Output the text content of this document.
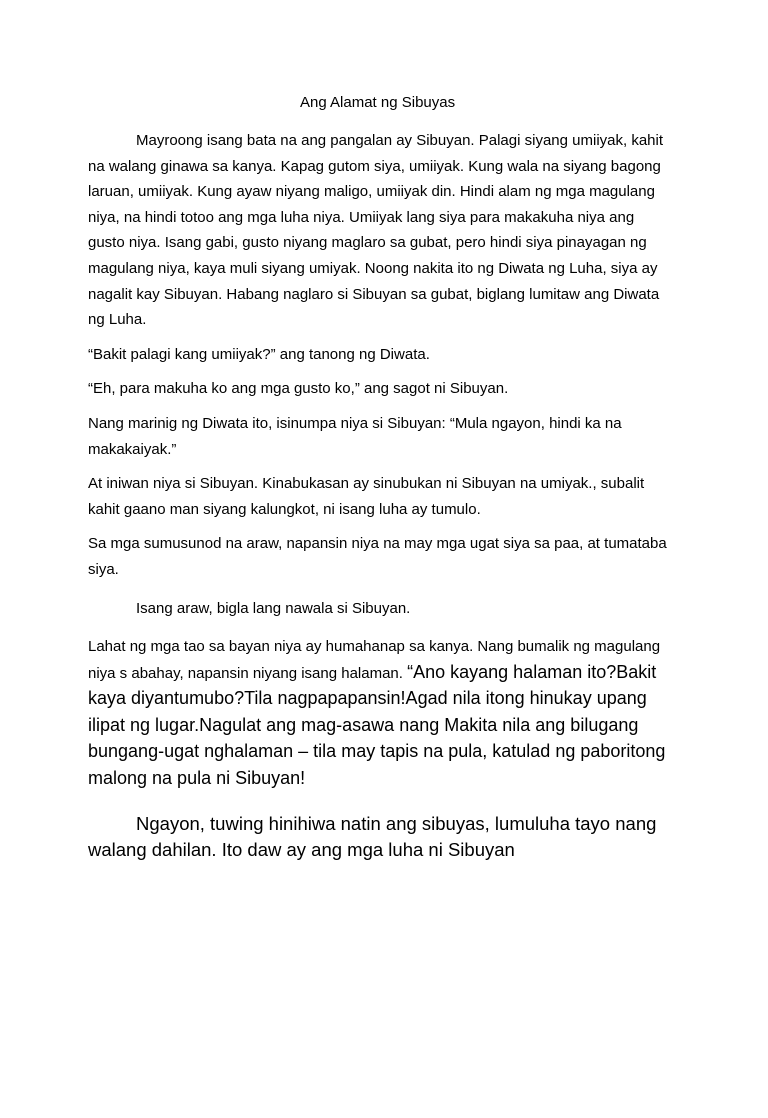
Ang Alamat ng Sibuyas

Mayroong isang bata na ang pangalan ay Sibuyan. Palagi siyang umiiyak, kahit na walang ginawa sa kanya. Kapag gutom siya, umiiyak. Kung wala na siyang bagong laruan, umiiyak. Kung ayaw niyang maligo, umiiyak din. Hindi alam ng mga magulang niya, na hindi totoo ang mga luha niya. Umiiyak lang siya para makakuha niya ang gusto niya. Isang gabi, gusto niyang maglaro sa gubat, pero hindi siya pinayagan ng magulang niya, kaya muli siyang umiyak. Noong nakita ito ng Diwata ng Luha, siya ay nagalit kay Sibuyan. Habang naglaro si Sibuyan sa gubat, biglang lumitaw ang Diwata ng Luha.

“Bakit palagi kang umiiyak?” ang tanong ng Diwata.

“Eh, para makuha ko ang mga gusto ko,” ang sagot ni Sibuyan.

Nang marinig ng Diwata ito, isinumpa niya si Sibuyan: “Mula ngayon, hindi ka na makakaiyak.”

At iniwan niya si Sibuyan. Kinabukasan ay sinubukan ni Sibuyan na umiyak., subalit kahit gaano man siyang kalungkot, ni isang luha ay tumulo.

Sa mga sumusunod na araw, napansin niya na may mga ugat siya sa paa, at tumataba siya.

Isang araw, bigla lang nawala si Sibuyan.

Lahat ng mga tao sa bayan niya ay humahanap sa kanya. Nang bumalik ng magulang niya s abahay, napansin niyang isang halaman. “Ano kayang halaman ito?Bakit kaya diyantumubo?Tila nagpapapansin!Agad nila itong hinukay upang ilipat ng lugar.Nagulat ang mag-asawa nang Makita nila ang bilugang bungang-ugat nghalaman – tila may tapis na pula, katulad ng paboritong malong na pula ni Sibuyan!

Ngayon, tuwing hinihiwa natin ang sibuyas, lumuluha tayo nang walang dahilan. Ito daw ay ang mga luha ni Sibuyan
